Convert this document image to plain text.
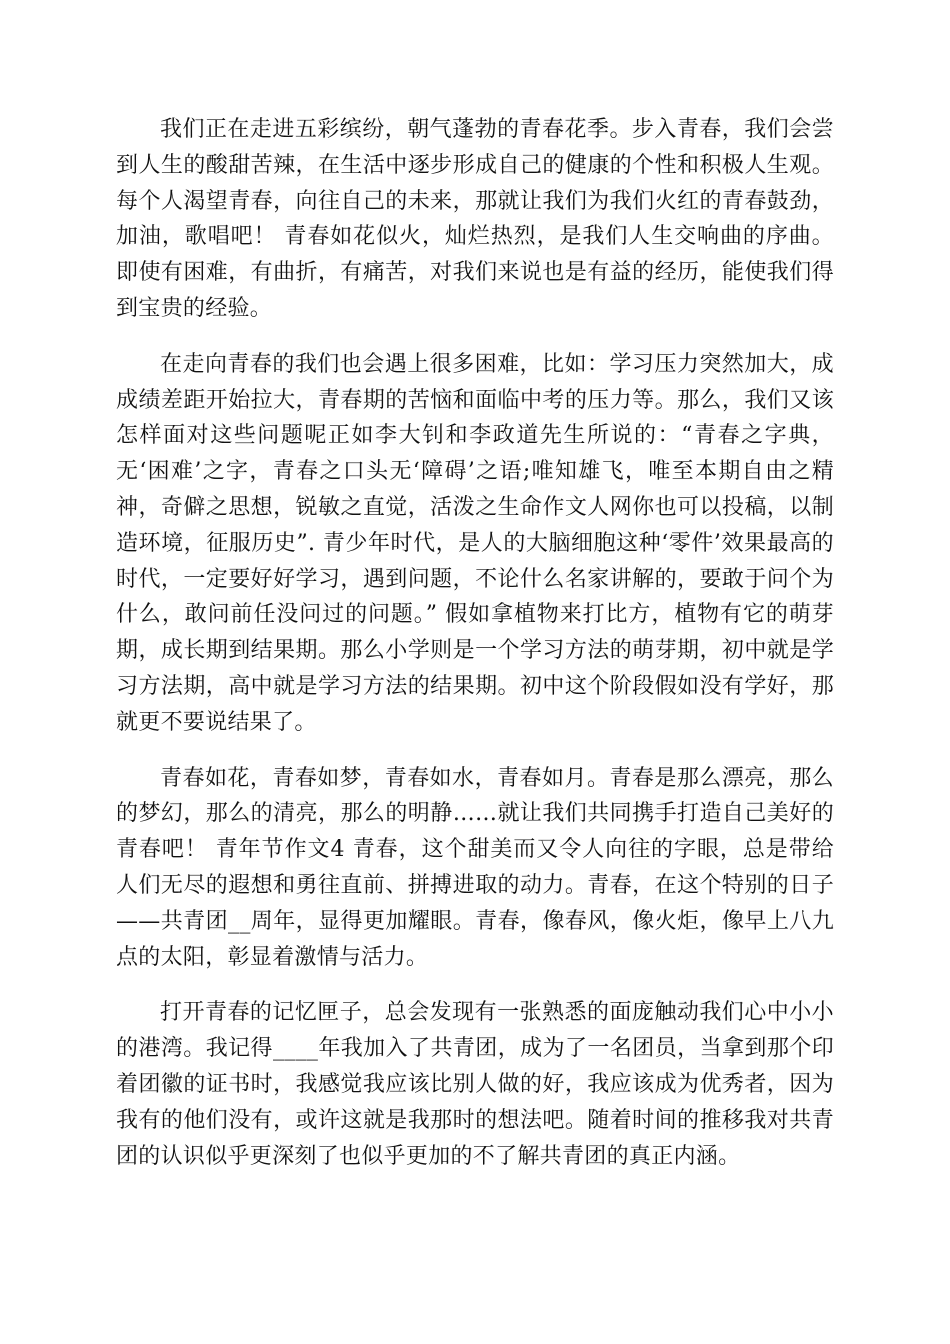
我们正在走进五彩缤纷，朝气蓬勃的青春花季。步入青春，我们会尝到人生的酸甜苦辣，在生活中逐步形成自己的健康的个性和积极人生观。每个人渴望青春，向往自己的未来，那就让我们为我们火红的青春鼓劲，加油，歌唱吧！ 青春如花似火，灿烂热烈，是我们人生交响曲的序曲。即使有困难，有曲折，有痛苦，对我们来说也是有益的经历，能使我们得到宝贵的经验。

在走向青春的我们也会遇上很多困难，比如：学习压力突然加大，成成绩差距开始拉大，青春期的苦恼和面临中考的压力等。那么，我们又该怎样面对这些问题呢正如李大钊和李政道先生所说的：“青春之字典，无‘困难’之字，青春之口头无‘障碍’之语;唯知雄飞，唯至本期自由之精神，奇僻之思想，锐敏之直觉，活泼之生命作文人网你也可以投稿，以制造环境，征服历史”. 青少年时代，是人的大脑细胞这种‘零件’效果最高的时代，一定要好好学习，遇到问题，不论什么名家讲解的，要敢于问个为什么，敢问前任没问过的问题。” 假如拿植物来打比方，植物有它的萌芽期，成长期到结果期。那么小学则是一个学习方法的萌芽期，初中就是学习方法期，高中就是学习方法的结果期。初中这个阶段假如没有学好，那就更不要说结果了。

青春如花，青春如梦，青春如水，青春如月。青春是那么漂亮，那么的梦幻，那么的清亮，那么的明静……就让我们共同携手打造自己美好的青春吧！ 青年节作文4 青春，这个甜美而又令人向往的字眼，总是带给人们无尽的遐想和勇往直前、拼搏进取的动力。青春，在这个特别的日子——共青团__周年，显得更加耀眼。青春，像春风，像火炬，像早上八九点的太阳，彰显着激情与活力。

打开青春的记忆匣子，总会发现有一张熟悉的面庞触动我们心中小小的港湾。我记得____年我加入了共青团，成为了一名团员，当拿到那个印着团徽的证书时，我感觉我应该比别人做的好，我应该成为优秀者，因为我有的他们没有，或许这就是我那时的想法吧。随着时间的推移我对共青团的认识似乎更深刻了也似乎更加的不了解共青团的真正内涵。
